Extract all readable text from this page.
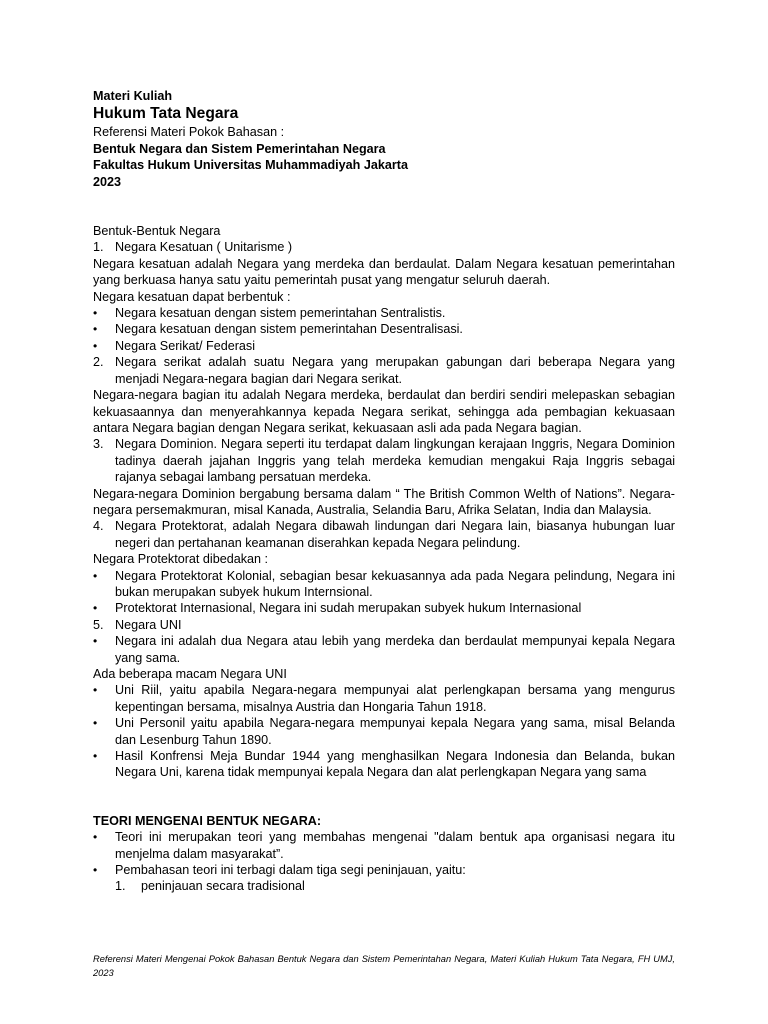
Materi Kuliah
Hukum Tata Negara
Referensi Materi Pokok Bahasan :
Bentuk Negara dan Sistem Pemerintahan Negara
Fakultas Hukum Universitas Muhammadiyah Jakarta
2023
Bentuk-Bentuk Negara
1. Negara Kesatuan ( Unitarisme )
Negara kesatuan adalah Negara yang merdeka dan berdaulat. Dalam Negara kesatuan pemerintahan yang berkuasa hanya satu yaitu pemerintah pusat yang mengatur seluruh daerah.
Negara kesatuan dapat berbentuk :
•	Negara kesatuan dengan sistem pemerintahan Sentralistis.
•	Negara kesatuan dengan sistem pemerintahan Desentralisasi.
•	Negara Serikat/ Federasi
2. Negara serikat adalah suatu Negara yang merupakan gabungan dari beberapa Negara yang menjadi Negara-negara bagian dari Negara serikat.
Negara-negara bagian itu adalah Negara merdeka, berdaulat dan berdiri sendiri melepaskan sebagian kekuasaannya dan menyerahkannya kepada Negara serikat, sehingga ada pembagian kekuasaan antara Negara bagian dengan Negara serikat, kekuasaan asli ada pada Negara bagian.
3. Negara Dominion. Negara seperti itu terdapat dalam lingkungan kerajaan Inggris, Negara Dominion tadinya daerah jajahan Inggris yang telah merdeka kemudian mengakui Raja Inggris sebagai rajanya sebagai lambang persatuan merdeka.
Negara-negara Dominion bergabung bersama dalam “ The British Common Welth of Nations”. Negara-negara persemakmuran, misal Kanada, Australia, Selandia Baru, Afrika Selatan, India dan Malaysia.
4. Negara Protektorat, adalah Negara dibawah lindungan dari Negara lain, biasanya hubungan luar negeri dan pertahanan keamanan diserahkan kepada Negara pelindung.
Negara Protektorat dibedakan :
•	Negara Protektorat Kolonial, sebagian besar kekuasannya ada pada Negara pelindung, Negara ini bukan merupakan subyek hukum Internsional.
•	Protektorat Internasional, Negara ini sudah merupakan subyek hukum Internasional
5. Negara UNI
•	Negara ini adalah dua Negara atau lebih yang merdeka dan berdaulat mempunyai kepala Negara yang sama.
Ada beberapa macam Negara UNI
•	Uni Riil, yaitu apabila Negara-negara mempunyai alat perlengkapan bersama yang mengurus kepentingan bersama, misalnya Austria dan Hongaria Tahun 1918.
•	Uni Personil yaitu apabila Negara-negara mempunyai kepala Negara yang sama, misal Belanda dan Lesenburg Tahun 1890.
•	Hasil Konfrensi Meja Bundar 1944 yang menghasilkan Negara Indonesia dan Belanda, bukan Negara Uni, karena tidak mempunyai kepala Negara dan alat perlengkapan Negara yang sama
TEORI MENGENAI BENTUK NEGARA:
•	Teori ini merupakan teori yang membahas mengenai "dalam bentuk apa organisasi negara itu menjelma dalam masyarakat”.
•	Pembahasan teori ini terbagi dalam tiga segi peninjauan, yaitu:
1.	peninjauan secara tradisional
Referensi Materi Mengenai Pokok Bahasan Bentuk Negara dan Sistem Pemerintahan Negara, Materi Kuliah Hukum Tata Negara, FH UMJ, 2023
